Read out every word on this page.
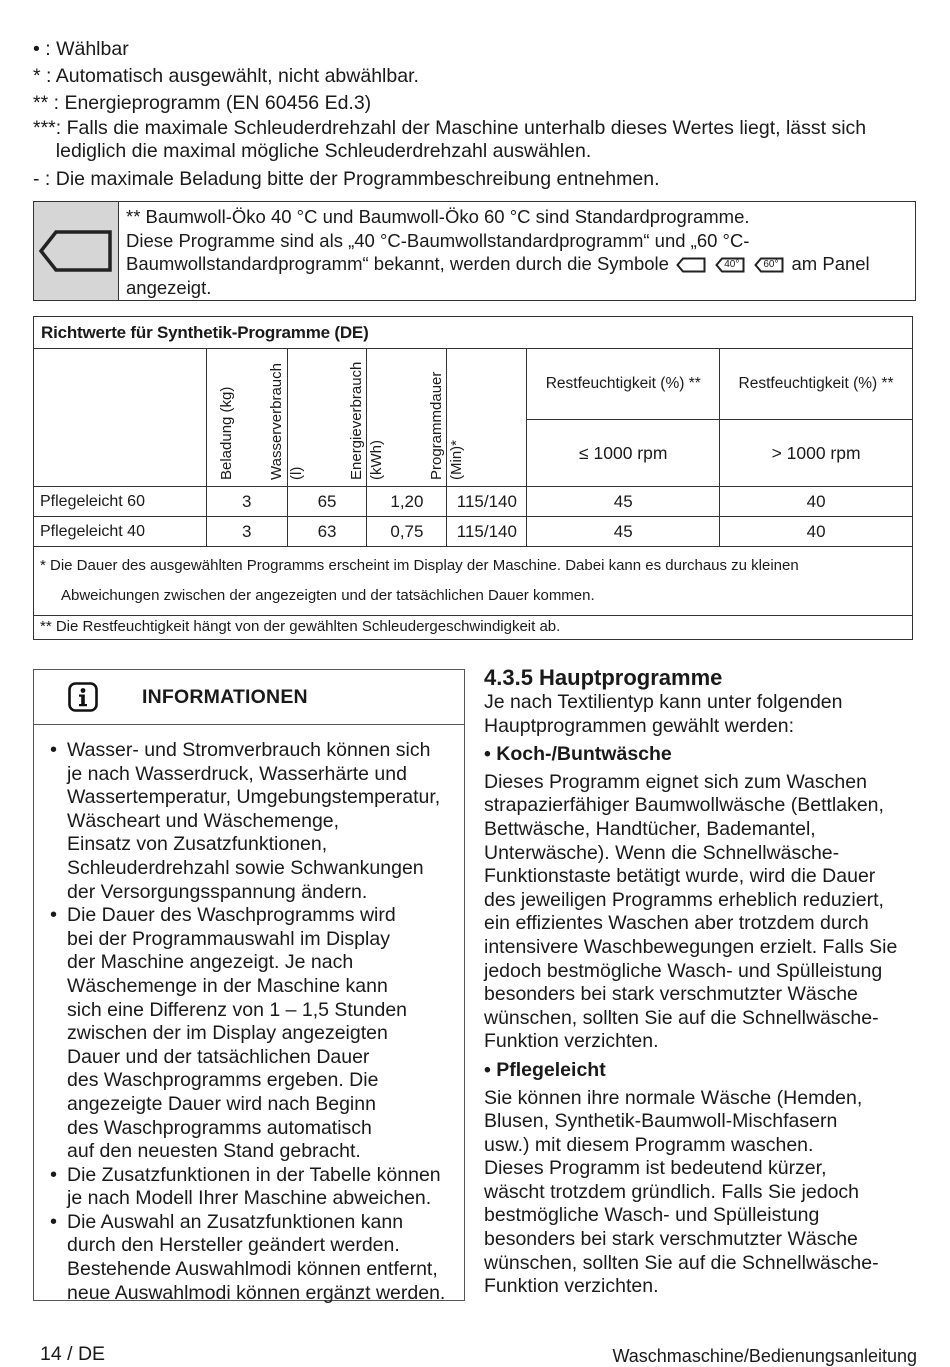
• : Wählbar
* : Automatisch ausgewählt, nicht abwählbar.
** : Energieprogramm (EN 60456 Ed.3)
*** : Falls die maximale Schleuderdrehzahl der Maschine unterhalb dieses Wertes liegt, lässt sich lediglich die maximal mögliche Schleuderdrehzahl auswählen.
- : Die maximale Beladung bitte der Programmbeschreibung entnehmen.
** Baumwoll-Öko 40 °C und Baumwoll-Öko 60 °C sind Standardprogramme.
Diese Programme sind als „40 °C-Baumwollstandardprogramm“ und „60 °C-Baumwollstandardprogramm“ bekannt, werden durch die Symbole	40°
60° am Panel angezeigt.
Richtwerte für Synthetik-Programme (DE)						

	Beladung (kg)	Wasserverbrauch (l)	Energieverbrauch (kWh)	Programmdauer (Min)*	Restfeuchtigkeit (%) **	Restfeuchtigkeit (%) **
					≤ 1000 rpm	> 1000 rpm
Pflegeleicht 60	3	65	1,20	115/140	45	40
Pflegeleicht 40	3	63	0,75	115/140	45	40

* Die Dauer des ausgewählten Programms erscheint im Display der Maschine. Dabei kann es durchaus zu kleinen
Abweichungen zwischen der angezeigten und der tatsächlichen Dauer kommen.						

** Die Restfeuchtigkeit hängt von der gewählten Schleudergeschwindigkeit ab.						
INFORMATIONEN
• Wasser- und Stromverbrauch können sich
je nach Wasserdruck, Wasserhärte und
Wassertemperatur, Umgebungstemperatur,
Wäscheart und Wäschemenge,
Einsatz von Zusatzfunktionen,
Schleuderdrehzahl sowie Schwankungen
der Versorgungsspannung ändern.
• Die Dauer des Waschprogramms wird
bei der Programmauswahl im Display
der Maschine angezeigt. Je nach
Wäschemenge in der Maschine kann
sich eine Differenz von 1 – 1,5 Stunden
zwischen der im Display angezeigten
Dauer und der tatsächlichen Dauer
des Waschprogramms ergeben. Die
angezeigte Dauer wird nach Beginn
des Waschprogramms automatisch
auf den neuesten Stand gebracht.
• Die Zusatzfunktionen in der Tabelle können
je nach Modell Ihrer Maschine abweichen.
• Die Auswahl an Zusatzfunktionen kann
durch den Hersteller geändert werden.
Bestehende Auswahlmodi können entfernt,
neue Auswahlmodi können ergänzt werden.
4.3.5 Hauptprogramme

Je nach Textilientyp kann unter folgenden
Hauptprogrammen gewählt werden:

• Koch-/Buntwäsche

Dieses Programm eignet sich zum Waschen
strapazierfähiger Baumwollwäsche (Bettlaken,
Bettwäsche, Handtücher, Bademantel,
Unterwäsche). Wenn die Schnellwäsche-
Funktionstaste betätigt wurde, wird die Dauer
des jeweiligen Programms erheblich reduziert,
ein effizientes Waschen aber trotzdem durch
intensivere Waschbewegungen erzielt. Falls Sie
jedoch bestmögliche Wasch- und Spülleistung
besonders bei stark verschmutzter Wäsche
wünschen, sollten Sie auf die Schnellwäsche-
Funktion verzichten.

• Pflegeleicht

Sie können ihre normale Wäsche (Hemden,
Blusen, Synthetik-Baumwoll-Mischfasern
usw.) mit diesem Programm waschen.
Dieses Programm ist bedeutend kürzer,
wäscht trotzdem gründlich. Falls Sie jedoch
bestmögliche Wasch- und Spülleistung
besonders bei stark verschmutzter Wäsche
wünschen, sollten Sie auf die Schnellwäsche-
Funktion verzichten.

14 / DE	Waschmaschine/Bedienungsanleitung
